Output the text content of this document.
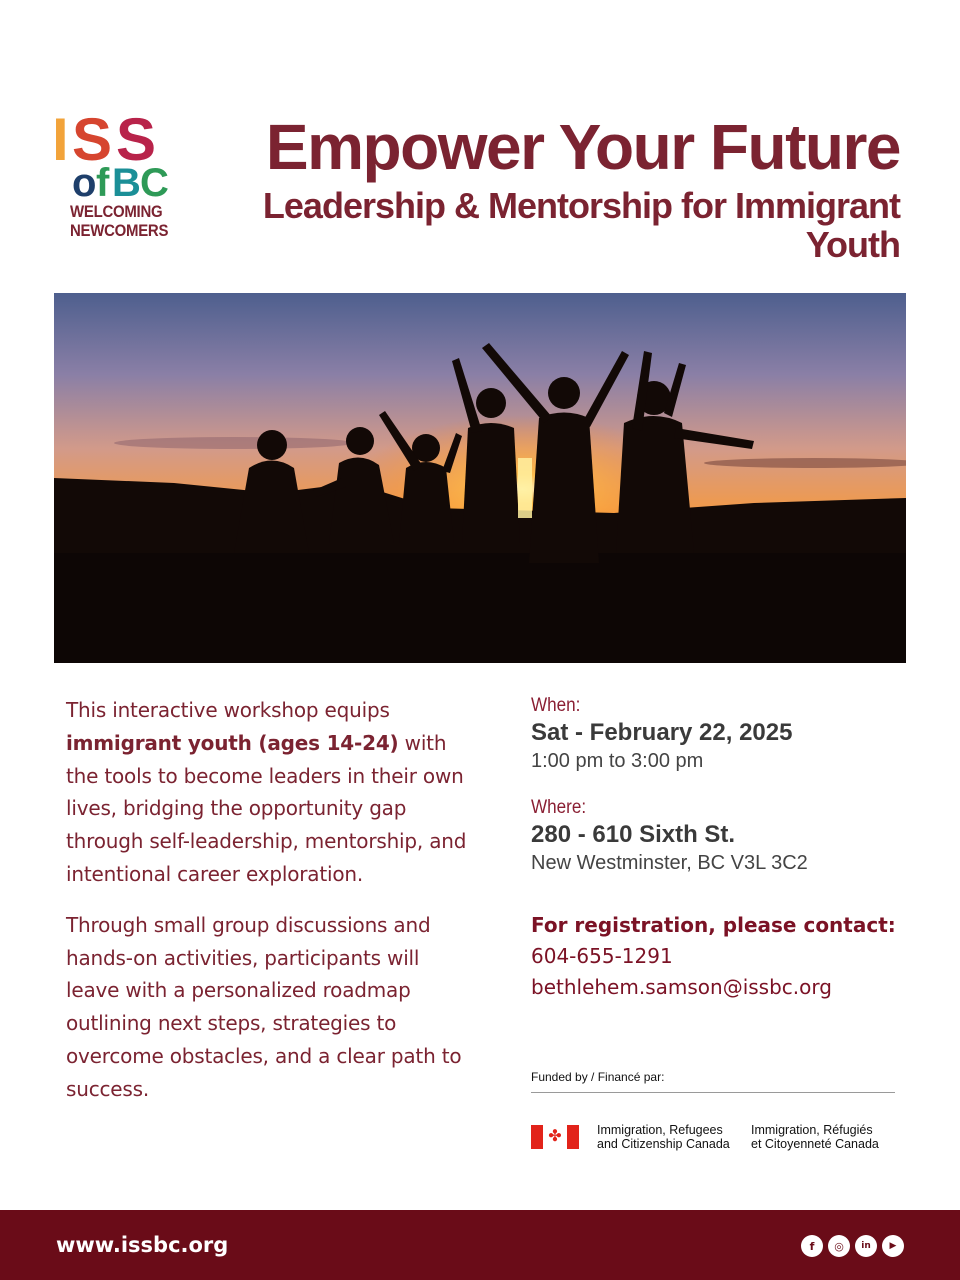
I S S
o f B C
WELCOMING
NEWCOMERS
Empower Your Future
Leadership & Mentorship for Immigrant Youth

This interactive workshop equips immigrant youth (ages 14-24) with the tools to become leaders in their own lives, bridging the opportunity gap through self-leadership, mentorship, and intentional career exploration.

Through small group discussions and hands-on activities, participants will leave with a personalized roadmap outlining next steps, strategies to overcome obstacles, and a clear path to success.

When:
Sat - February 22, 2025
1:00 pm to 3:00 pm
Where:
280 - 610 Sixth St.
New Westminster, BC V3L 3C2
For registration, please contact:
604-655-1291
bethlehem.samson@issbc.org
Funded by / Financé par:
✤	Immigration, Refugees
and Citizenship Canada
Immigration, Réfugiés
et Citoyenneté Canada
www.issbc.org	f	◎	in	▶
